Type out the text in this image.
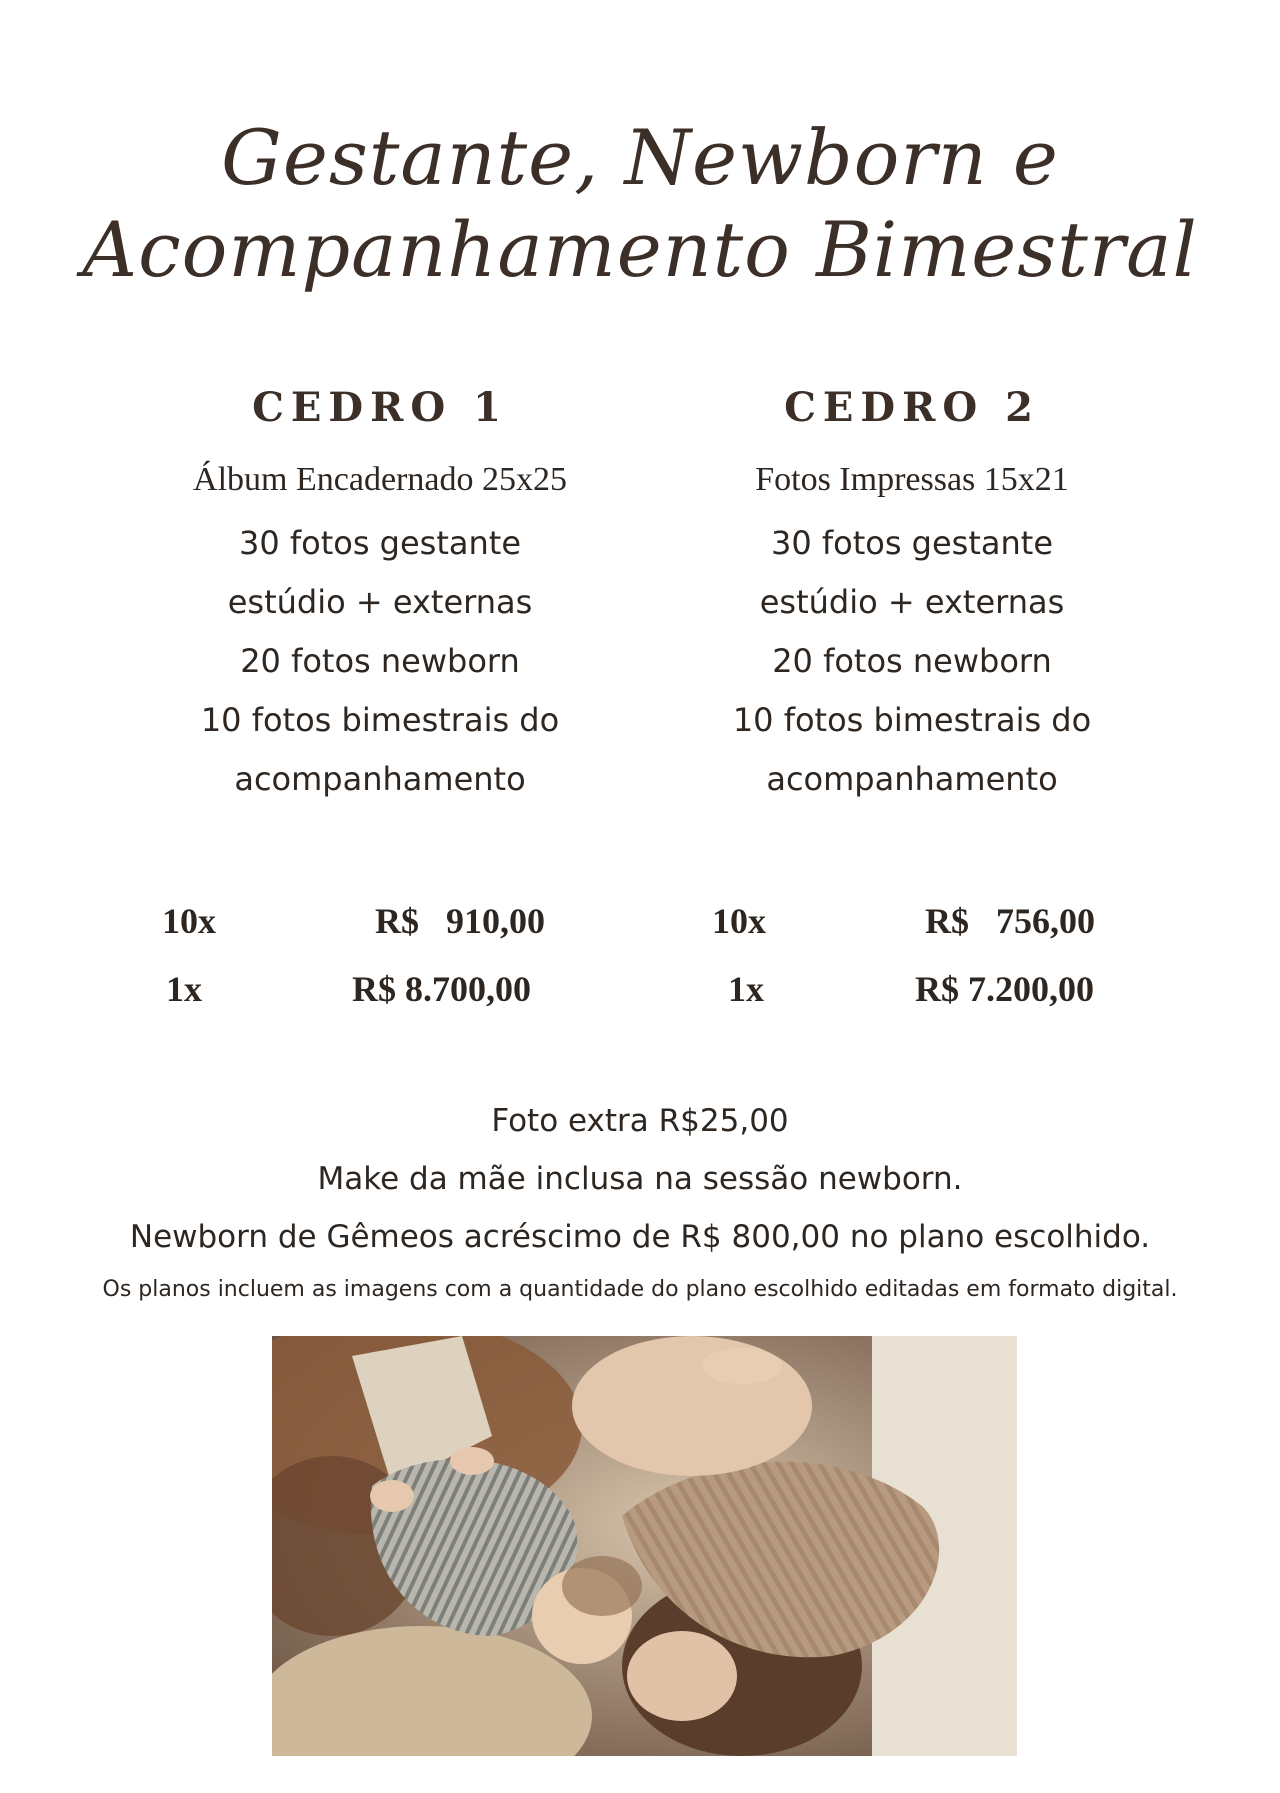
Gestante, Newborn e
Acompanhamento Bimestral
CEDRO 1
Álbum Encadernado 25x25
30 fotos gestante
estúdio + externas
20 fotos newborn
10 fotos bimestrais do
acompanhamento
CEDRO 2
Fotos Impressas 15x21
30 fotos gestante
estúdio + externas
20 fotos newborn
10 fotos bimestrais do
acompanhamento
10x	R$   910,00
1x	R$ 8.700,00
10x	R$   756,00
1x	R$ 7.200,00
Foto extra R$25,00
Make da mãe inclusa na sessão newborn.
Newborn de Gêmeos acréscimo de R$ 800,00 no plano escolhido.
Os planos incluem as imagens com a quantidade do plano escolhido editadas em formato digital.
